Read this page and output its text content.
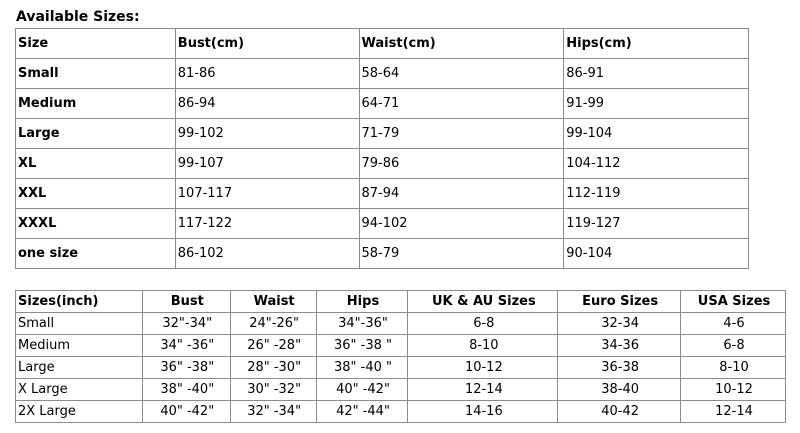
Available Sizes:
Size	Bust(cm)	Waist(cm)	Hips(cm)
Small	81-86	58-64	86-91
Medium	86-94	64-71	91-99
Large	99-102	71-79	99-104
XL	99-107	79-86	104-112
XXL	107-117	87-94	112-119
XXXL	117-122	94-102	119-127
one size	86-102	58-79	90-104
Sizes(inch)	Bust	Waist	Hips	UK & AU Sizes	Euro Sizes	USA Sizes
Small	32"-34"	24"-26"	34"-36"	6-8	32-34	4-6
Medium	34" -36"	26" -28"	36" -38 "	8-10	34-36	6-8
Large	36" -38"	28" -30"	38" -40 "	10-12	36-38	8-10
X Large	38" -40"	30" -32"	40" -42"	12-14	38-40	10-12
2X Large	40" -42"	32" -34"	42" -44"	14-16	40-42	12-14
